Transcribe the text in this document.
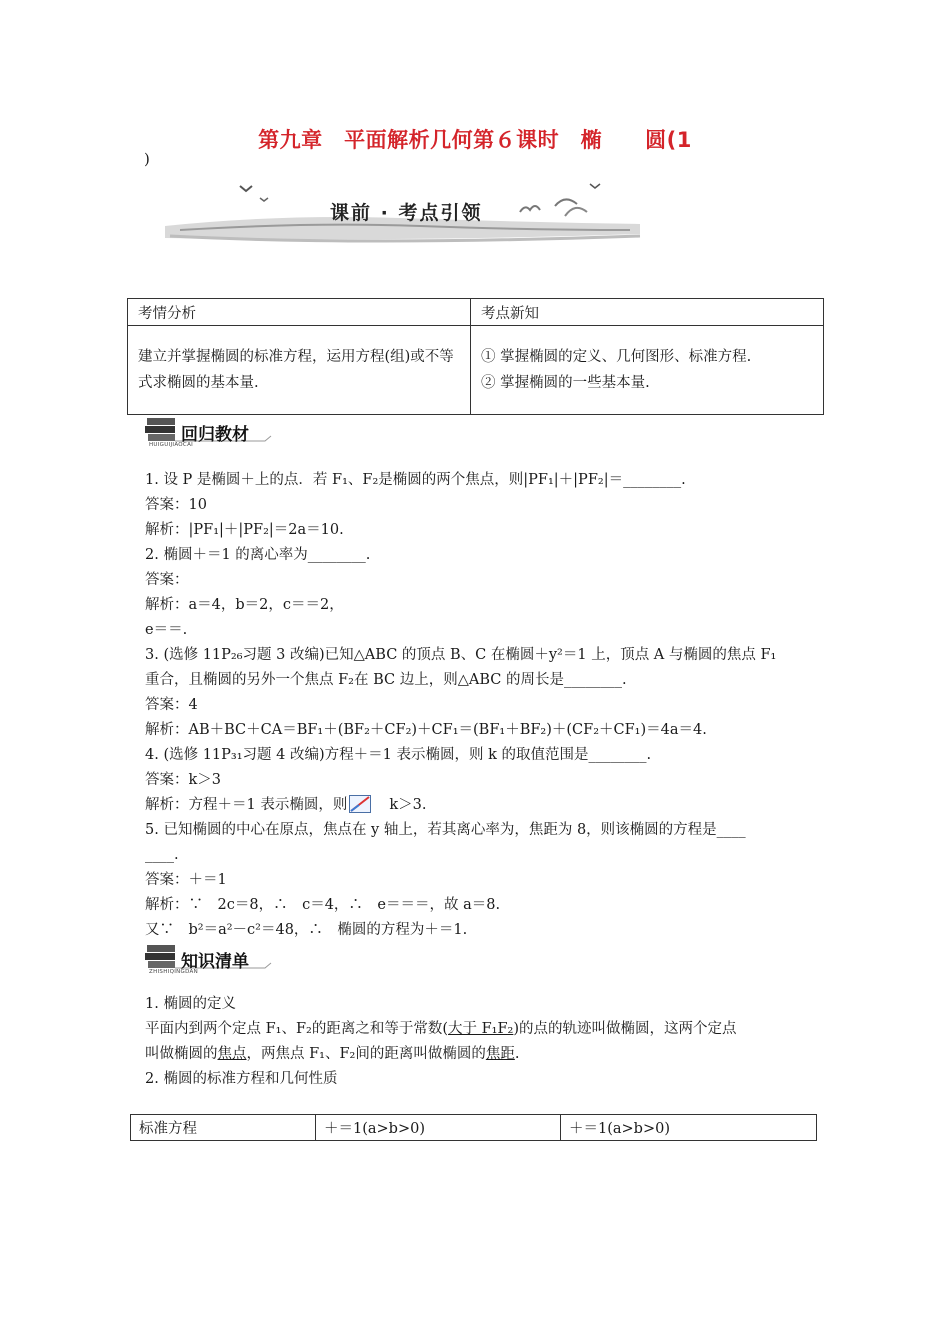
第九章　平面解析几何第６课时　椭　　圆(1
)
课前 · 考点引领
考情分析	考点新知
建立并掌握椭圆的标准方程，运用方程(组)或不等式求椭圆的基本量.	① 掌握椭圆的定义、几何图形、标准方程.
② 掌握椭圆的一些基本量.
回归教材
HUIGUIJIAOCAI
1. 设 P 是椭圆＋上的点．若 F₁、F₂是椭圆的两个焦点，则|PF₁|＋|PF₂|＝________.
答案：10
解析：|PF₁|＋|PF₂|＝2a＝10.
2. 椭圆＋＝1 的离心率为________.
答案：
解析：a＝4，b＝2，c＝＝2，
e＝＝.
3. (选修 11P₂₆习题 3 改编)已知△ABC 的顶点 B、C 在椭圆＋y²＝1 上，顶点 A 与椭圆的焦点 F₁
重合，且椭圆的另外一个焦点 F₂在 BC 边上，则△ABC 的周长是________.
答案：4
解析：AB＋BC＋CA＝BF₁＋(BF₂＋CF₂)＋CF₁＝(BF₁＋BF₂)＋(CF₂＋CF₁)＝4a＝4.
4. (选修 11P₃₁习题 4 改编)方程＋＝1 表示椭圆，则 k 的取值范围是________.
答案：k＞3
解析：方程＋＝1 表示椭圆，则	k＞3.
5. 已知椭圆的中心在原点，焦点在 y 轴上，若其离心率为，焦距为 8，则该椭圆的方程是____
____.
答案：＋＝1
解析：∵　2c＝8，∴　c＝4，∴　e＝＝＝，故 a＝8.
又∵　b²＝a²－c²＝48，∴　椭圆的方程为＋＝1.
知识清单
ZHISHIQINGDAN
1. 椭圆的定义
平面内到两个定点 F₁、F₂的距离之和等于常数(大于 F₁F₂)的点的轨迹叫做椭圆，这两个定点
叫做椭圆的焦点，两焦点 F₁、F₂间的距离叫做椭圆的焦距.
2. 椭圆的标准方程和几何性质
标准方程	＋＝1(a>b>0)	＋＝1(a>b>0)
